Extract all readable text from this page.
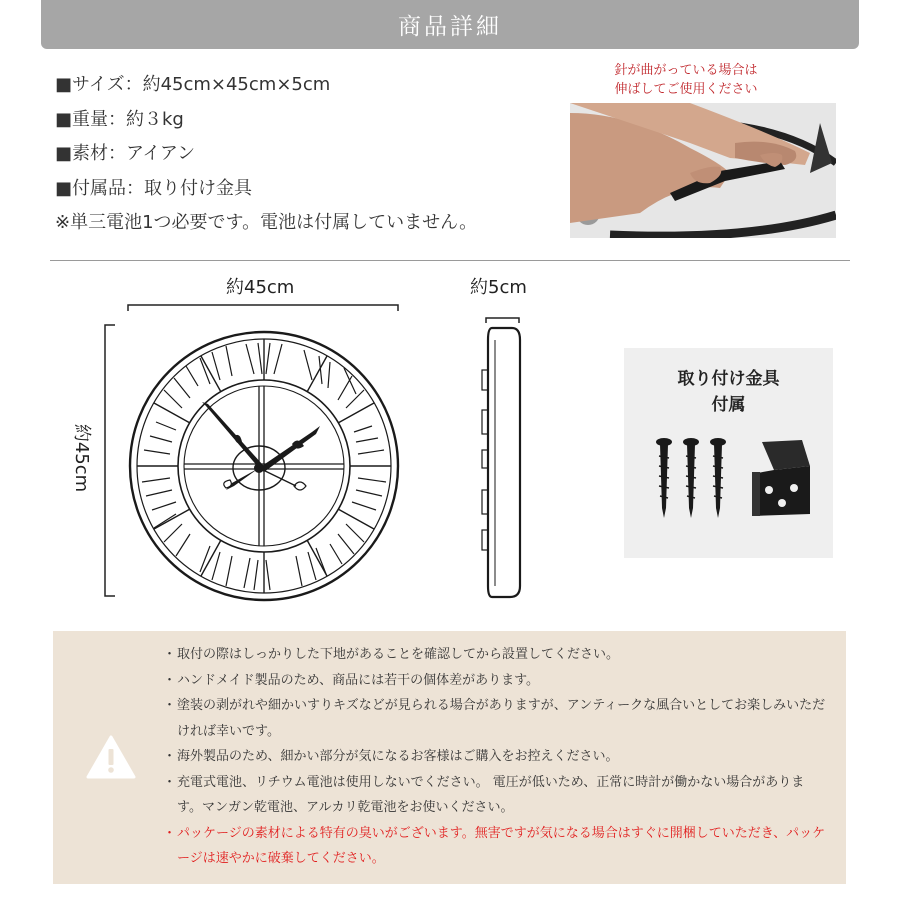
商品詳細
■サイズ：約45cm×45cm×5cm
■重量：約３kg
■素材：アイアン
■付属品：取り付け金具
※単三電池1つ必要です。電池は付属していません。
針が曲がっている場合は
伸ばしてご使用ください
約45cm	約5cm
約45cm
取り付け金具
付属
・ 取付の際はしっかりした下地があることを確認してから設置してください。
・ ハンドメイド製品のため、商品には若干の個体差があります。
・ 塗装の剥がれや細かいすりキズなどが見られる場合がありますが、アンティークな風合いとしてお楽しみいただければ幸いです。
・ 海外製品のため、細かい部分が気になるお客様はご購入をお控えください。
・ 充電式電池、リチウム電池は使用しないでください。 電圧が低いため、正常に時計が働かない場合があります。マンガン乾電池、アルカリ乾電池をお使いください。
・ パッケージの素材による特有の臭いがございます。無害ですが気になる場合はすぐに開梱していただき、パッケージは速やかに破棄してください。
